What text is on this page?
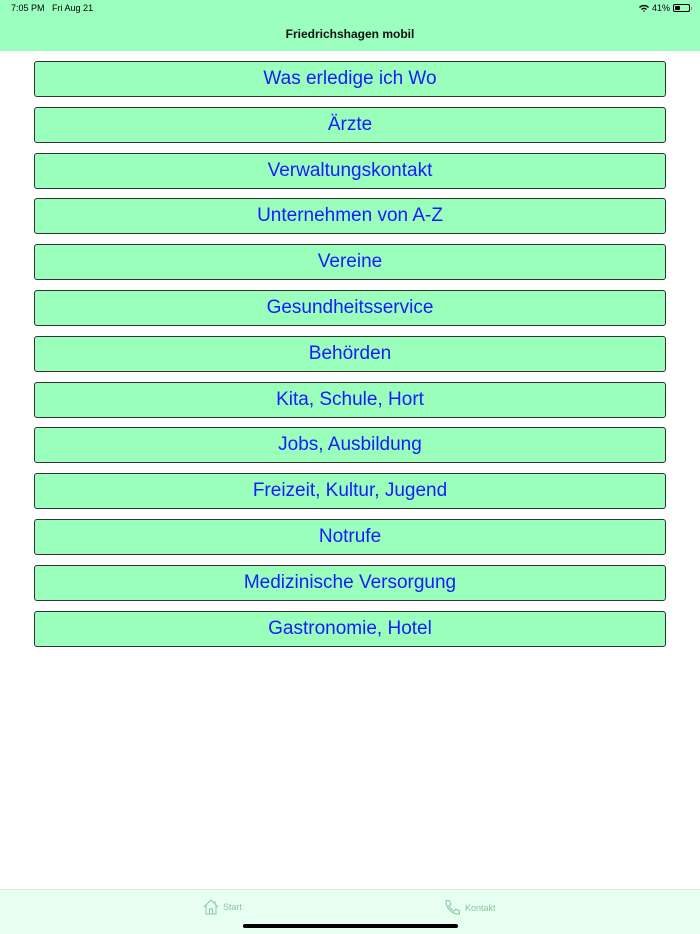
7:05 PM Fri Aug 21	41%
Friedrichshagen mobil
Was erledige ich Wo
Ärzte
Verwaltungskontakt
Unternehmen von A-Z
Vereine
Gesundheitsservice
Behörden
Kita, Schule, Hort
Jobs, Ausbildung
Freizeit, Kultur, Jugend
Notrufe
Medizinische Versorgung
Gastronomie, Hotel
Start	Kontakt
